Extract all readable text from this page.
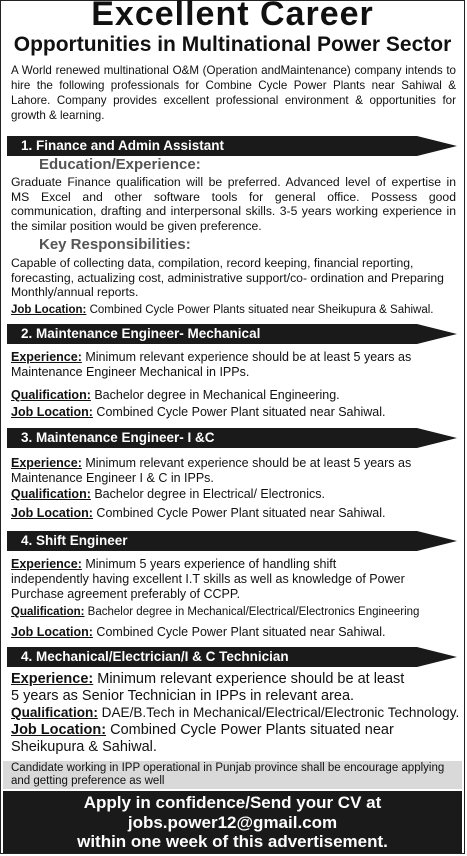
Excellent Career
Opportunities in Multinational Power Sector
A World renewed multinational O&M (Operation andMaintenance) company intends to hire the following professionals for Combine Cycle Power Plants near Sahiwal & Lahore. Company provides excellent professional environment & opportunities for growth & learning.
1. Finance and Admin Assistant
Education/Experience:
Graduate Finance qualification will be preferred. Advanced level of expertise in MS Excel and other software tools for general office. Possess good communication, drafting and interpersonal skills. 3-5 years working experience in the similar position would be given preference.
Key Responsibilities:
Capable of collecting data, compilation, record keeping, financial reporting, forecasting, actualizing cost, administrative support/co- ordination and Preparing Monthly/annual reports.
Job Location: Combined Cycle Power Plants situated near Sheikupura & Sahiwal.
2. Maintenance Engineer- Mechanical
Experience: Minimum relevant experience should be at least 5 years as
Maintenance Engineer Mechanical in IPPs.
Qualification: Bachelor degree in Mechanical Engineering.
Job Location: Combined Cycle Power Plant situated near Sahiwal.
3. Maintenance Engineer- I &C
Experience: Minimum relevant experience should be at least 5 years as
Maintenance Engineer I & C in IPPs.
Qualification: Bachelor degree in Electrical/ Electronics.
Job Location: Combined Cycle Power Plant situated near Sahiwal.
4. Shift Engineer
Experience: Minimum 5 years experience of handling shift
independently having excellent I.T skills as well as knowledge of Power
Purchase agreement preferably of CCPP.
Qualification: Bachelor degree in Mechanical/Electrical/Electronics Engineering
Job Location: Combined Cycle Power Plant situated near Sahiwal.
4. Mechanical/Electrician/I & C Technician
Experience: Minimum relevant experience should be at least
5 years as Senior Technician in IPPs in relevant area.
Qualification: DAE/B.Tech in Mechanical/Electrical/Electronic Technology.
Job Location: Combined Cycle Power Plants situated near
Sheikupura & Sahiwal.
Candidate working in IPP operational in Punjab province shall be encourage applying and getting preference as well
Apply in confidence/Send your CV at
jobs.power12@gmail.com
within one week of this advertisement.
